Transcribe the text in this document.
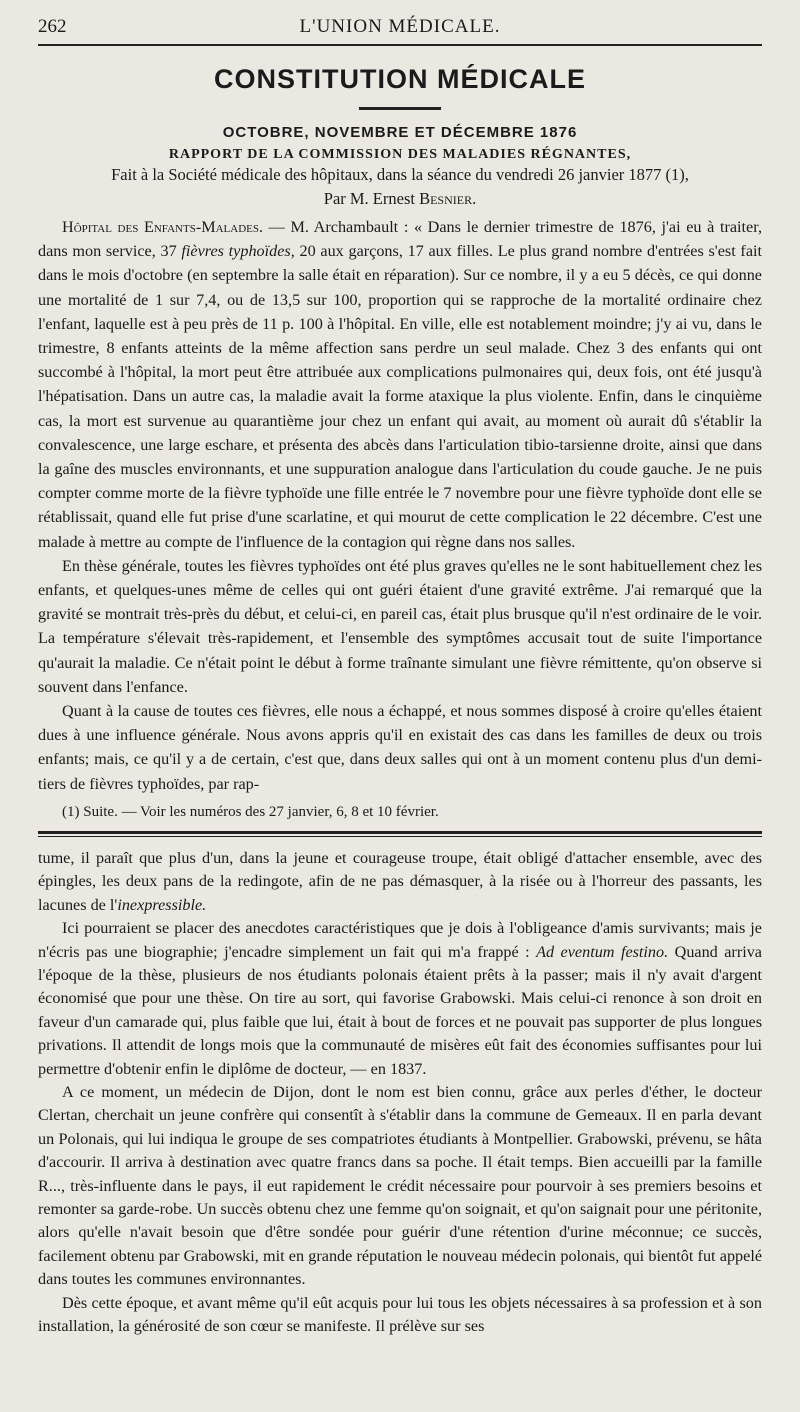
262	L'UNION MÉDICALE.
CONSTITUTION MÉDICALE
OCTOBRE, NOVEMBRE ET DÉCEMBRE 1876
RAPPORT DE LA COMMISSION DES MALADIES RÉGNANTES,
Fait à la Société médicale des hôpitaux, dans la séance du vendredi 26 janvier 1877 (1),
Par M. Ernest Besnier.

Hôpital des Enfants-Malades. — M. Archambault : « Dans le dernier trimestre de 1876, j'ai eu à traiter, dans mon service, 37 fièvres typhoïdes, 20 aux garçons, 17 aux filles. Le plus grand nombre d'entrées s'est fait dans le mois d'octobre (en septembre la salle était en réparation). Sur ce nombre, il y a eu 5 décès, ce qui donne une mortalité de 1 sur 7,4, ou de 13,5 sur 100, proportion qui se rapproche de la mortalité ordinaire chez l'enfant, laquelle est à peu près de 11 p. 100 à l'hôpital. En ville, elle est notablement moindre; j'y ai vu, dans le trimestre, 8 enfants atteints de la même affection sans perdre un seul malade. Chez 3 des enfants qui ont succombé à l'hôpital, la mort peut être attribuée aux complications pulmonaires qui, deux fois, ont été jusqu'à l'hépatisation. Dans un autre cas, la maladie avait la forme ataxique la plus violente. Enfin, dans le cinquième cas, la mort est survenue au quarantième jour chez un enfant qui avait, au moment où aurait dû s'établir la convalescence, une large eschare, et présenta des abcès dans l'articulation tibio-tarsienne droite, ainsi que dans la gaîne des muscles environnants, et une suppuration analogue dans l'articulation du coude gauche. Je ne puis compter comme morte de la fièvre typhoïde une fille entrée le 7 novembre pour une fièvre typhoïde dont elle se rétablissait, quand elle fut prise d'une scarlatine, et qui mourut de cette complication le 22 décembre. C'est une malade à mettre au compte de l'influence de la contagion qui règne dans nos salles.

En thèse générale, toutes les fièvres typhoïdes ont été plus graves qu'elles ne le sont habituellement chez les enfants, et quelques-unes même de celles qui ont guéri étaient d'une gravité extrême. J'ai remarqué que la gravité se montrait très-près du début, et celui-ci, en pareil cas, était plus brusque qu'il n'est ordinaire de le voir. La température s'élevait très-rapidement, et l'ensemble des symptômes accusait tout de suite l'importance qu'aurait la maladie. Ce n'était point le début à forme traînante simulant une fièvre rémittente, qu'on observe si souvent dans l'enfance.

Quant à la cause de toutes ces fièvres, elle nous a échappé, et nous sommes disposé à croire qu'elles étaient dues à une influence générale. Nous avons appris qu'il en existait des cas dans les familles de deux ou trois enfants; mais, ce qu'il y a de certain, c'est que, dans deux salles qui ont à un moment contenu plus d'un demi-tiers de fièvres typhoïdes, par rap-

(1) Suite. — Voir les numéros des 27 janvier, 6, 8 et 10 février.

tume, il paraît que plus d'un, dans la jeune et courageuse troupe, était obligé d'attacher ensemble, avec des épingles, les deux pans de la redingote, afin de ne pas démasquer, à la risée ou à l'horreur des passants, les lacunes de l'inexpressible.

Ici pourraient se placer des anecdotes caractéristiques que je dois à l'obligeance d'amis survivants; mais je n'écris pas une biographie; j'encadre simplement un fait qui m'a frappé : Ad eventum festino. Quand arriva l'époque de la thèse, plusieurs de nos étudiants polonais étaient prêts à la passer; mais il n'y avait d'argent économisé que pour une thèse. On tire au sort, qui favorise Grabowski. Mais celui-ci renonce à son droit en faveur d'un camarade qui, plus faible que lui, était à bout de forces et ne pouvait pas supporter de plus longues privations. Il attendit de longs mois que la communauté de misères eût fait des économies suffisantes pour lui permettre d'obtenir enfin le diplôme de docteur, — en 1837.

A ce moment, un médecin de Dijon, dont le nom est bien connu, grâce aux perles d'éther, le docteur Clertan, cherchait un jeune confrère qui consentît à s'établir dans la commune de Gemeaux. Il en parla devant un Polonais, qui lui indiqua le groupe de ses compatriotes étudiants à Montpellier. Grabowski, prévenu, se hâta d'accourir. Il arriva à destination avec quatre francs dans sa poche. Il était temps. Bien accueilli par la famille R..., très-influente dans le pays, il eut rapidement le crédit nécessaire pour pourvoir à ses premiers besoins et remonter sa garde-robe. Un succès obtenu chez une femme qu'on soignait, et qu'on saignait pour une péritonite, alors qu'elle n'avait besoin que d'être sondée pour guérir d'une rétention d'urine méconnue; ce succès, facilement obtenu par Grabowski, mit en grande réputation le nouveau médecin polonais, qui bientôt fut appelé dans toutes les communes environnantes.

Dès cette époque, et avant même qu'il eût acquis pour lui tous les objets nécessaires à sa profession et à son installation, la générosité de son cœur se manifeste. Il prélève sur ses
